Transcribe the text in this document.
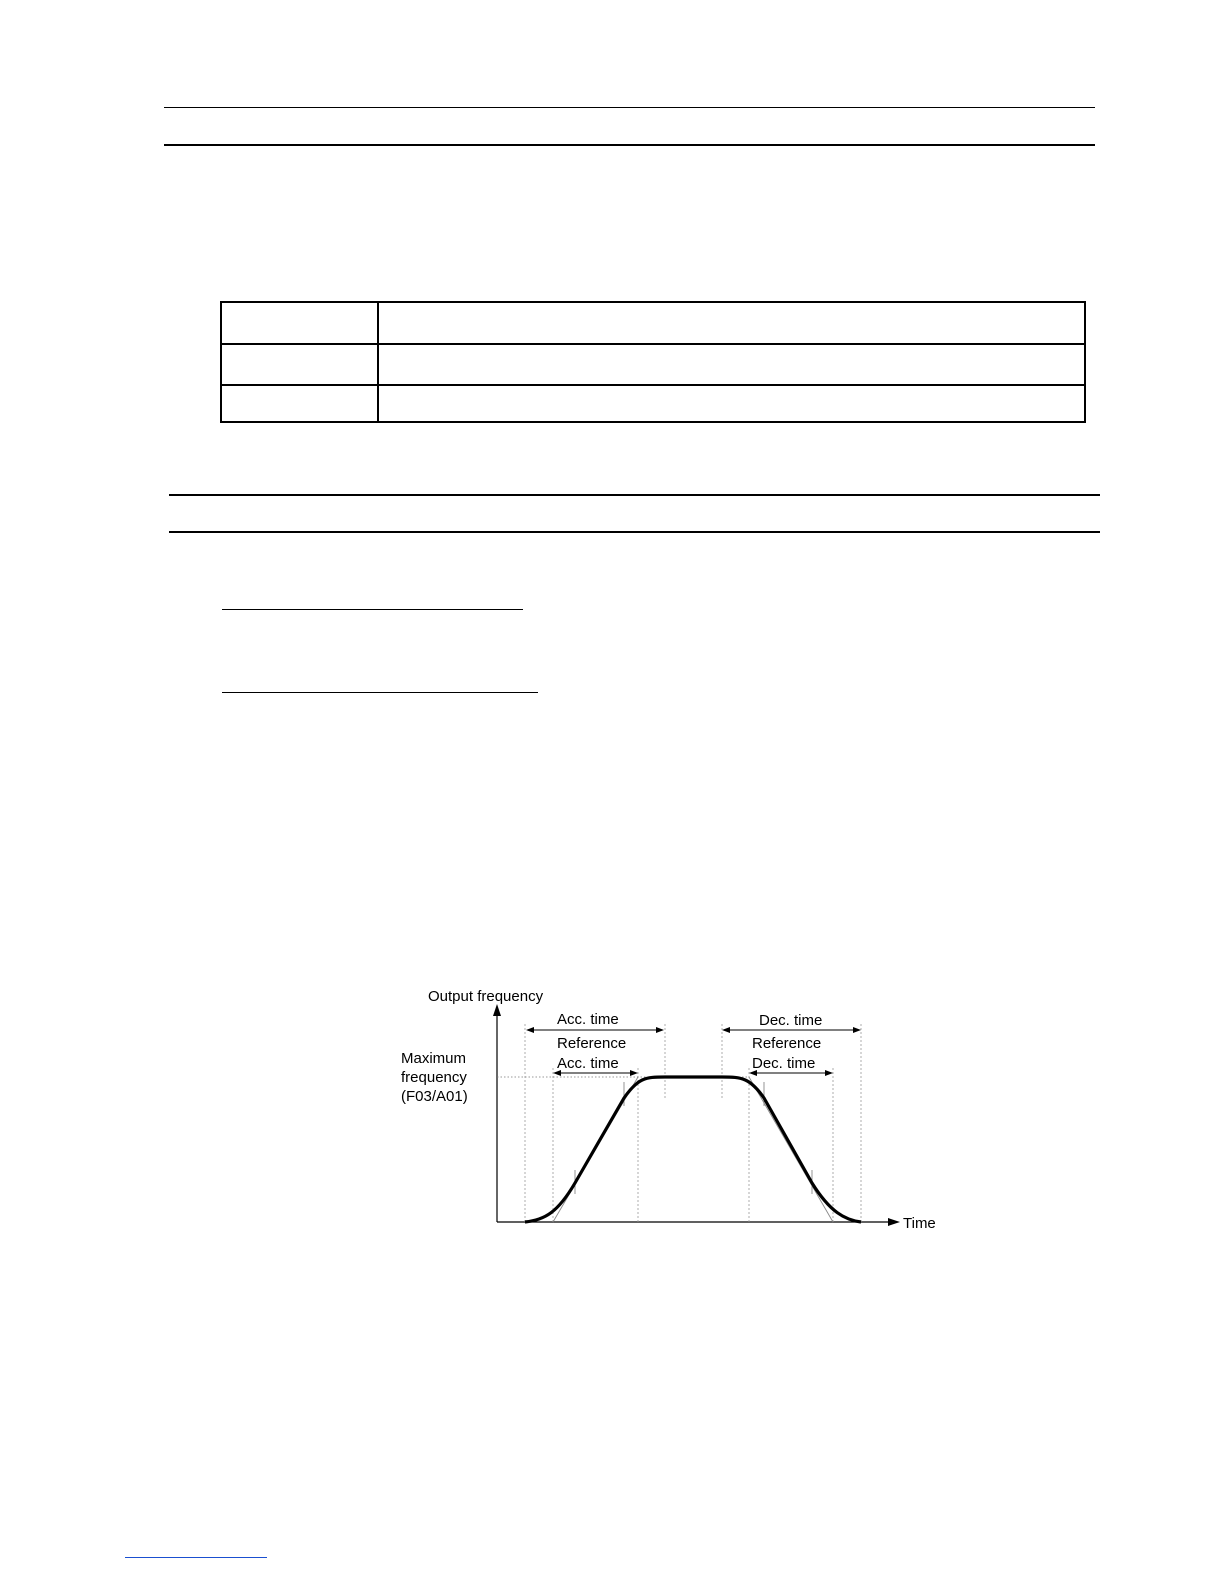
Output frequency
Time
Maximum
frequency
(F03/A01)
Acc. time
Reference
Acc. time
Dec. time
Reference
Dec. time
